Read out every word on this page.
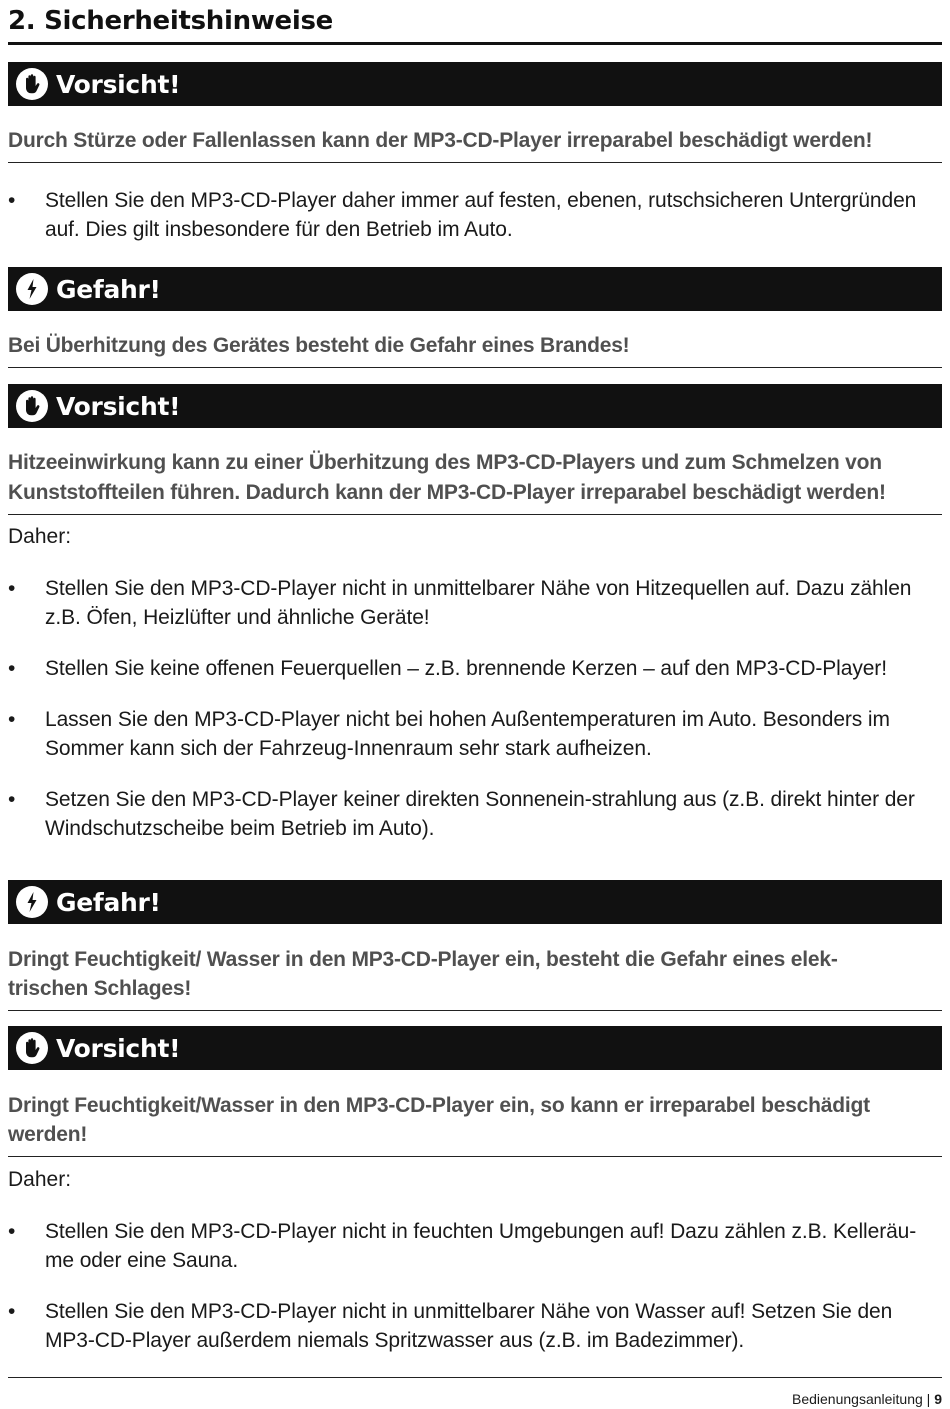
2. Sicherheitshinweise
Vorsicht!
Durch Stürze oder Fallenlassen kann der MP3-CD-Player irreparabel beschädigt werden!
•	Stellen Sie den MP3-CD-Player daher immer auf festen, ebenen, rutschsicheren Untergründen auf. Dies gilt insbesondere für den Betrieb im Auto.
Gefahr!
Bei Überhitzung des Gerätes besteht die Gefahr eines Brandes!
Vorsicht!
Hitzeeinwirkung kann zu einer Überhitzung des MP3-CD-Players und zum Schmelzen von
Kunststoffteilen führen. Dadurch kann der MP3-CD-Player irreparabel beschädigt werden!
Daher:
•	Stellen Sie den MP3-CD-Player nicht in unmittelbarer Nähe von Hitzequellen auf. Dazu zählen z.B. Öfen, Heizlüfter und ähnliche Geräte!
•	Stellen Sie keine offenen Feuerquellen – z.B. brennende Kerzen – auf den MP3-CD-Player!
•	Lassen Sie den MP3-CD-Player nicht bei hohen Außentemperaturen im Auto. Besonders im Sommer kann sich der Fahrzeug-Innenraum sehr stark aufheizen.
•	Setzen Sie den MP3-CD-Player keiner direkten Sonnenein-strahlung aus (z.B. direkt hinter der Windschutzscheibe beim Betrieb im Auto).
Gefahr!
Dringt Feuchtigkeit/ Wasser in den MP3-CD-Player ein, besteht die Gefahr eines elek-
trischen Schlages!
Vorsicht!
Dringt Feuchtigkeit/Wasser in den MP3-CD-Player ein, so kann er irreparabel beschädigt
werden!
Daher:
•	Stellen Sie den MP3-CD-Player nicht in feuchten Umgebungen auf! Dazu zählen z.B. Kelleräu-me oder eine Sauna.
•	Stellen Sie den MP3-CD-Player nicht in unmittelbarer Nähe von Wasser auf! Setzen Sie den MP3-CD-Player außerdem niemals Spritzwasser aus (z.B. im Badezimmer).
Bedienungsanleitung | 9
